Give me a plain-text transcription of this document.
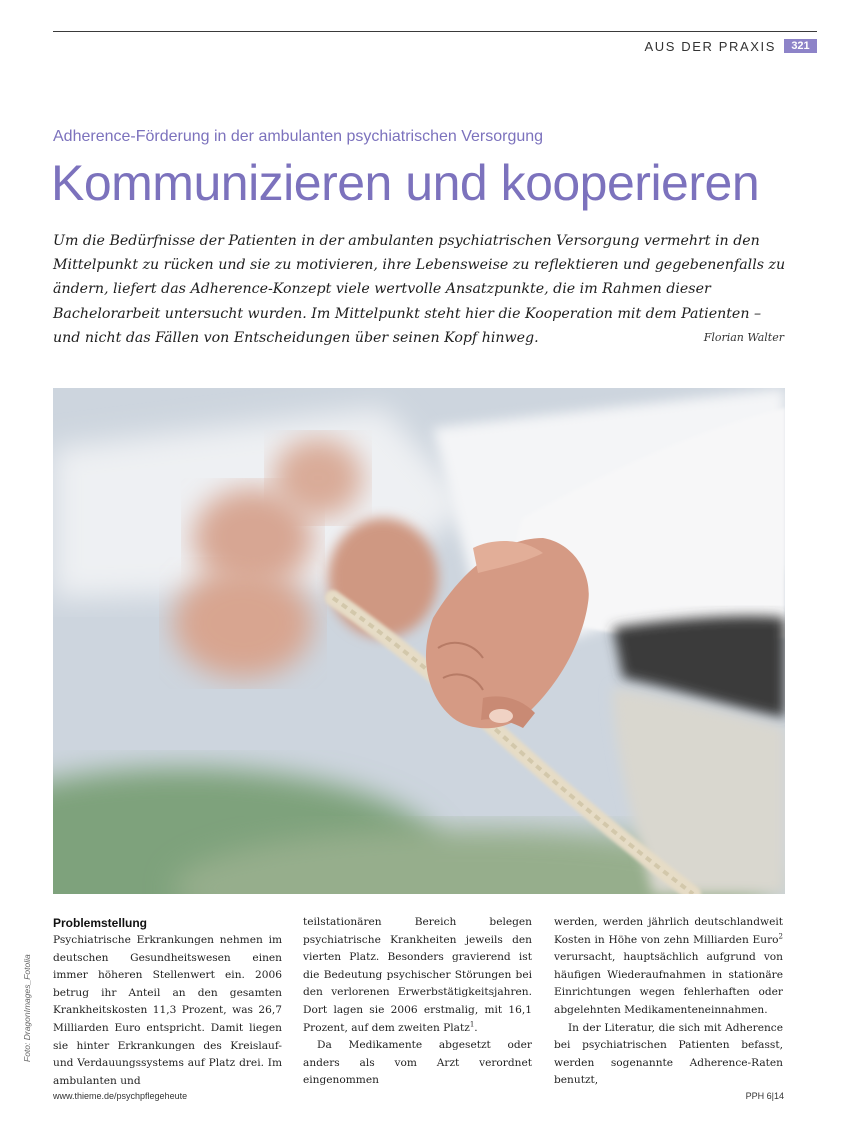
AUS DER PRAXIS	321
Adherence-Förderung in der ambulanten psychiatrischen Versorgung
Kommunizieren und kooperieren

Um die Bedürfnisse der Patienten in der ambulanten psychiatrischen Versorgung vermehrt in den Mittelpunkt zu rücken und sie zu motivieren, ihre Lebensweise zu reflektieren und gegebenenfalls zu ändern, liefert das Adherence-Konzept viele wertvolle Ansatzpunkte, die im Rahmen dieser Bachelorarbeit untersucht wurden. Im Mittelpunkt steht hier die Kooperation mit dem Patienten – und nicht das Fällen von Entscheidungen über seinen Kopf hinweg.	Florian Walter
Foto: DragonImages_Fotolia
Problemstellung

Psychiatrische Erkrankungen nehmen im deutschen Gesundheitswesen einen immer höheren Stellenwert ein. 2006 betrug ihr Anteil an den gesamten Krankheitskosten 11,3 Prozent, was 26,7 Milliarden Euro entspricht. Damit liegen sie hinter Erkrankungen des Kreislauf- und Verdauungssystems auf Platz drei. Im ambulanten und

teilstationären Bereich belegen psychiatrische Krankheiten jeweils den vierten Platz. Besonders gravierend ist die Bedeutung psychischer Störungen bei den verlorenen Erwerbstätigkeitsjahren. Dort lagen sie 2006 erstmalig, mit 16,1 Prozent, auf dem zweiten Platz$^1$.

Da Medikamente abgesetzt oder anders als vom Arzt verordnet eingenommen

werden, werden jährlich deutschlandweit Kosten in Höhe von zehn Milliarden Euro$^2$ verursacht, hauptsächlich aufgrund von häufigen Wiederaufnahmen in stationäre Einrichtungen wegen fehlerhaften oder abgelehnten Medikamenteneinnahmen.

In der Literatur, die sich mit Adherence bei psychiatrischen Patienten befasst, werden sogenannte Adherence-Raten benutzt,

www.thieme.de/psychpflegeheute	PPH 6|14
